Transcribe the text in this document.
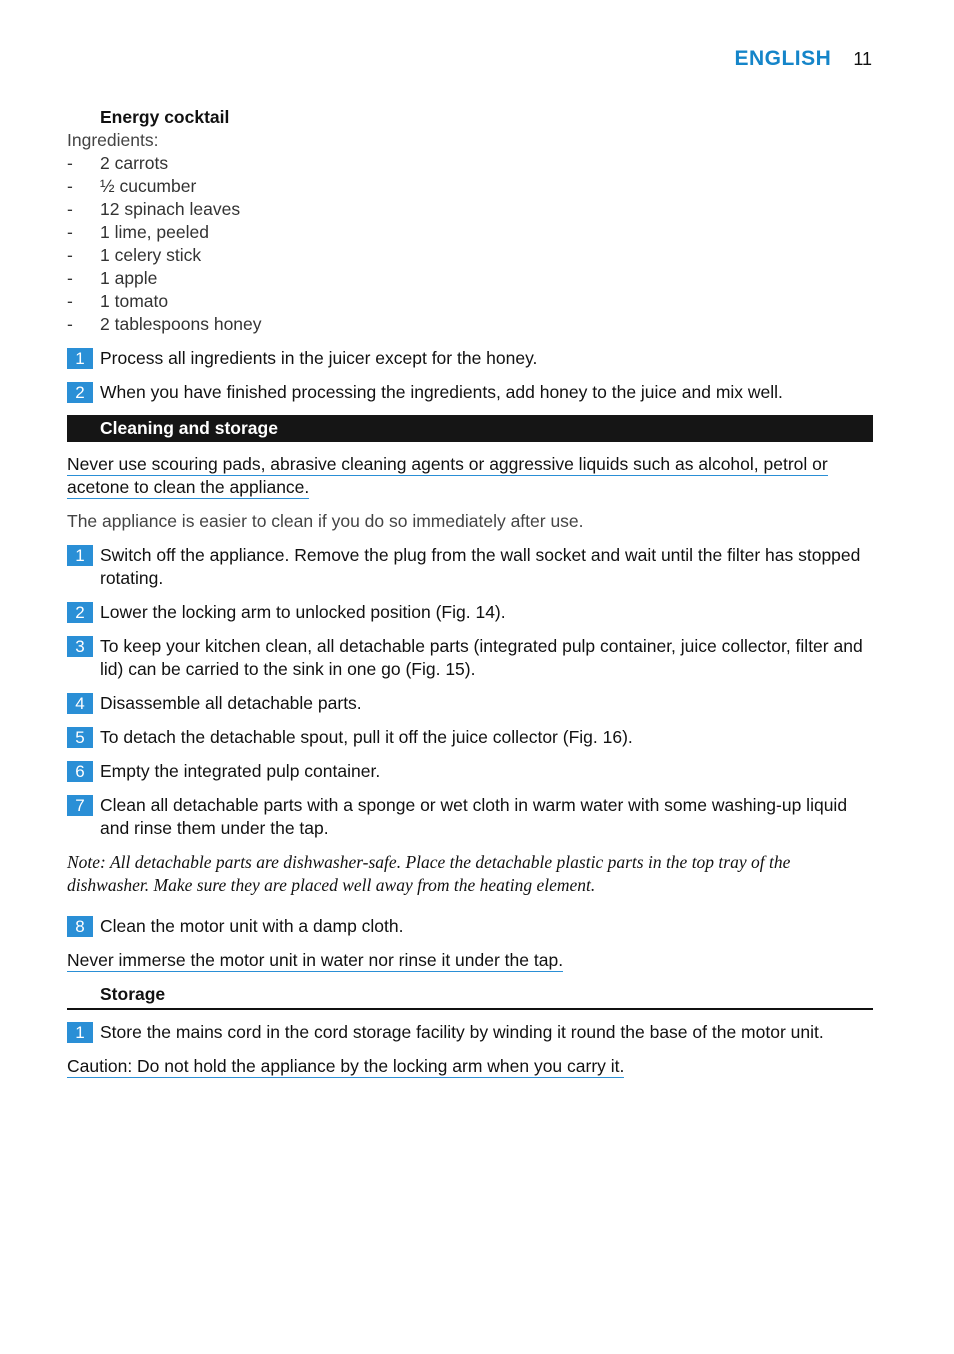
ENGLISH 11

Energy cocktail

Ingredients:

-	2 carrots
-	½ cucumber
-	12 spinach leaves
-	1 lime, peeled
-	1 celery stick
-	1 apple
-	1 tomato
-	2 tablespoons honey
1 Process all ingredients in the juicer except for the honey.
2 When you have finished processing the ingredients, add honey to the juice and mix well.
Cleaning and storage
Never use scouring pads, abrasive cleaning agents or aggressive liquids such as alcohol, petrol or acetone to clean the appliance.

The appliance is easier to clean if you do so immediately after use.

1 Switch off the appliance. Remove the plug from the wall socket and wait until the filter has stopped rotating.
2 Lower the locking arm to unlocked position (Fig. 14).
3 To keep your kitchen clean, all detachable parts (integrated pulp container, juice collector, filter and lid) can be carried to the sink in one go (Fig. 15).
4 Disassemble all detachable parts.
5 To detach the detachable spout, pull it off the juice collector (Fig. 16).
6 Empty the integrated pulp container.
7 Clean all detachable parts with a sponge or wet cloth in warm water with some washing-up liquid and rinse them under the tap.

Note: All detachable parts are dishwasher-safe. Place the detachable plastic parts in the top tray of the dishwasher. Make sure they are placed well away from the heating element.

8 Clean the motor unit with a damp cloth.
Never immerse the motor unit in water nor rinse it under the tap.
Storage
1 Store the mains cord in the cord storage facility by winding it round the base of the motor unit.
Caution: Do not hold the appliance by the locking arm when you carry it.
